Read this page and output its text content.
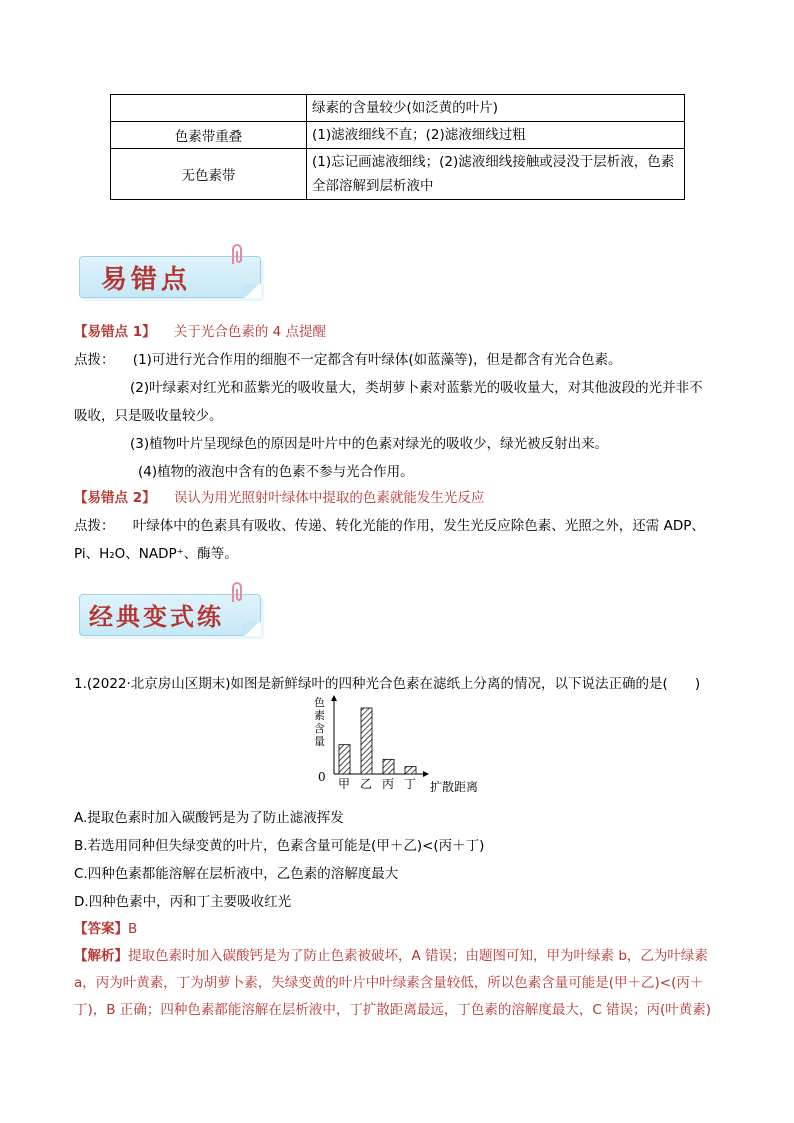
	绿素的含量较少(如泛黄的叶片)
色素带重叠	(1)滤液细线不直；(2)滤液细线过粗
无色素带	(1)忘记画滤液细线；(2)滤液细线接触或浸没于层析液，色素全部溶解到层析液中
易错点
【易错点 1】 关于光合色素的 4 点提醒
点拨： (1)可进行光合作用的细胞不一定都含有叶绿体(如蓝藻等)，但是都含有光合色素。
(2)叶绿素对红光和蓝紫光的吸收量大，类胡萝卜素对蓝紫光的吸收量大，对其他波段的光并非不
吸收，只是吸收量较少。
(3)植物叶片呈现绿色的原因是叶片中的色素对绿光的吸收少，绿光被反射出来。
(4)植物的液泡中含有的色素不参与光合作用。
【易错点 2】 误认为用光照射叶绿体中提取的色素就能发生光反应
点拨： 叶绿体中的色素具有吸收、传递、转化光能的作用，发生光反应除色素、光照之外，还需 ADP、
Pi、H₂O、NADP⁺、酶等。
经典变式练
1.(2022·北京房山区期末)如图是新鲜绿叶的四种光合色素在滤纸上分离的情况，以下说法正确的是(　　)
色素含量
0
扩散距离
甲 乙 丙 丁
A.提取色素时加入碳酸钙是为了防止滤液挥发
B.若选用同种但失绿变黄的叶片，色素含量可能是(甲＋乙)<(丙＋丁)
C.四种色素都能溶解在层析液中，乙色素的溶解度最大
D.四种色素中，丙和丁主要吸收红光
【答案】B
【解析】提取色素时加入碳酸钙是为了防止色素被破坏，A 错误；由题图可知，甲为叶绿素 b，乙为叶绿素
a，丙为叶黄素，丁为胡萝卜素，失绿变黄的叶片中叶绿素含量较低，所以色素含量可能是(甲＋乙)<(丙＋
丁)，B 正确；四种色素都能溶解在层析液中，丁扩散距离最远，丁色素的溶解度最大，C 错误；丙(叶黄素)
